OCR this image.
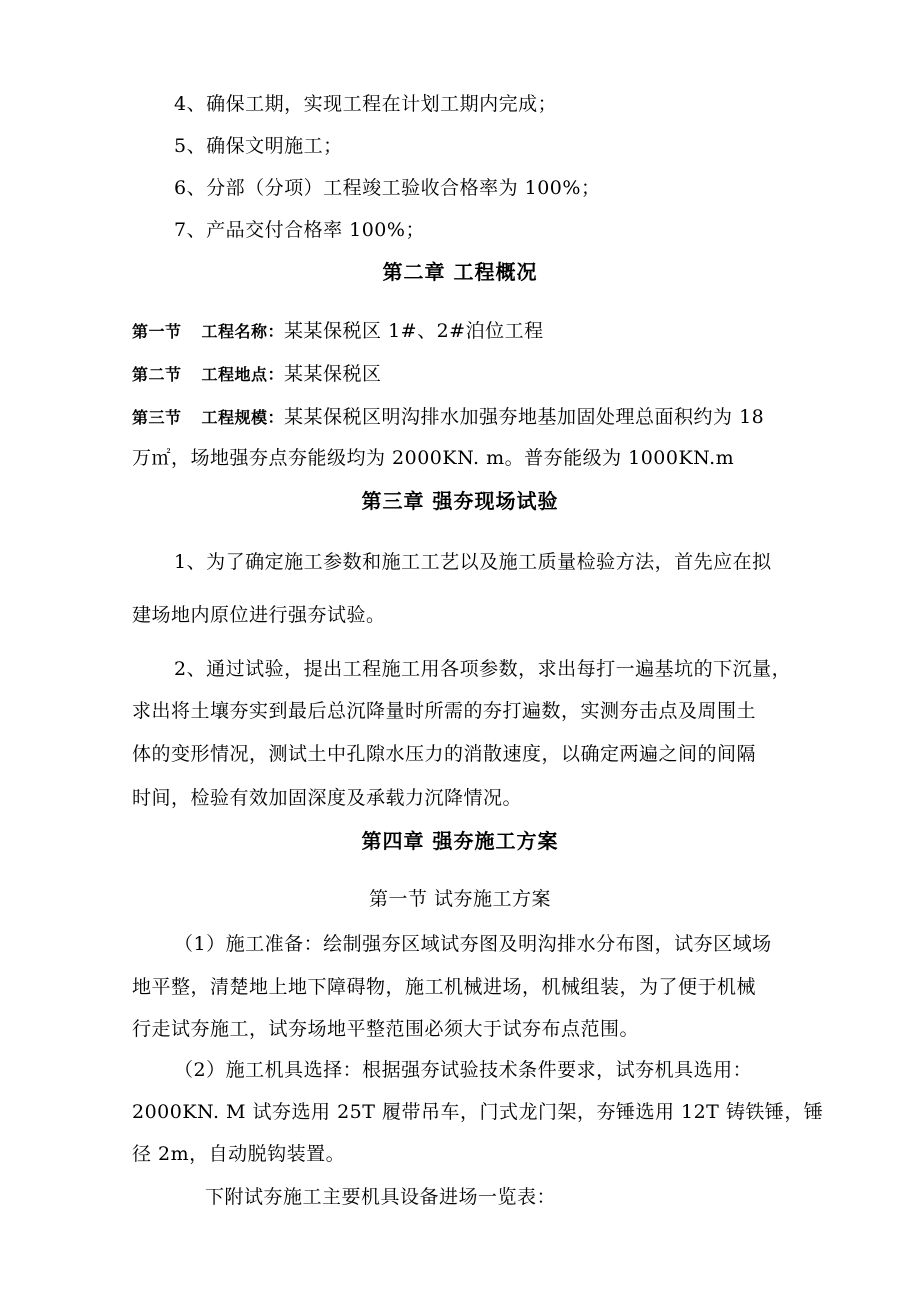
4、确保工期，实现工程在计划工期内完成；
5、确保文明施工；
6、分部（分项）工程竣工验收合格率为 100%；
7、产品交付合格率 100%；
第二章 工程概况
第一节 工程名称：某某保税区 1#、2#泊位工程
第二节 工程地点：某某保税区
第三节 工程规模：某某保税区明沟排水加强夯地基加固处理总面积约为 18
万㎡，场地强夯点夯能级均为 2000KN. m。普夯能级为 1000KN.m
第三章 强夯现场试验
1、为了确定施工参数和施工工艺以及施工质量检验方法，首先应在拟
建场地内原位进行强夯试验。
2、通过试验，提出工程施工用各项参数，求出每打一遍基坑的下沉量，
求出将土壤夯实到最后总沉降量时所需的夯打遍数，实测夯击点及周围土
体的变形情况，测试土中孔隙水压力的消散速度，以确定两遍之间的间隔
时间，检验有效加固深度及承载力沉降情况。
第四章 强夯施工方案
第一节 试夯施工方案
（1）施工准备：绘制强夯区域试夯图及明沟排水分布图，试夯区域场
地平整，清楚地上地下障碍物，施工机械进场，机械组装，为了便于机械
行走试夯施工，试夯场地平整范围必须大于试夯布点范围。
（2）施工机具选择：根据强夯试验技术条件要求，试夯机具选用：
2000KN. M 试夯选用 25T 履带吊车，门式龙门架，夯锤选用 12T 铸铁锤，锤
径 2m，自动脱钩装置。
下附试夯施工主要机具设备进场一览表：
